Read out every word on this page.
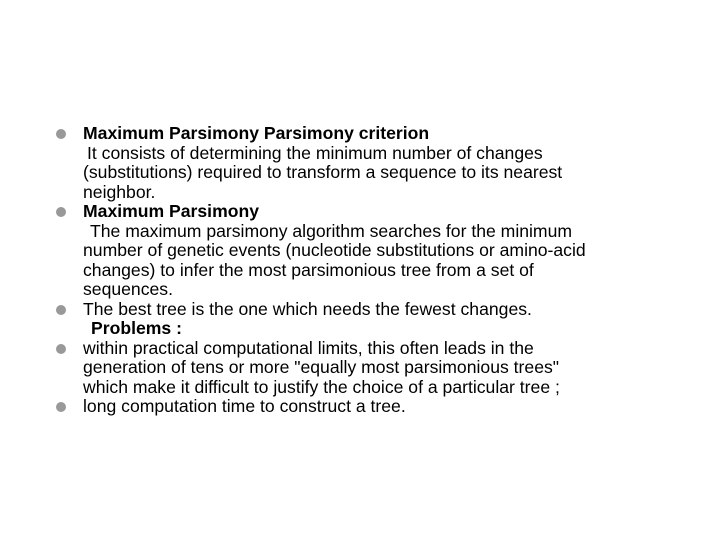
Maximum Parsimony Parsimony criterion
It consists of determining the minimum number of changes
(substitutions) required to transform a sequence to its nearest
neighbor.
Maximum Parsimony
The maximum parsimony algorithm searches for the minimum
number of genetic events (nucleotide substitutions or amino-acid
changes) to infer the most parsimonious tree from a set of
sequences.
The best tree is the one which needs the fewest changes.
Problems :
within practical computational limits, this often leads in the
generation of tens or more "equally most parsimonious trees"
which make it difficult to justify the choice of a particular tree ;
long computation time to construct a tree.
